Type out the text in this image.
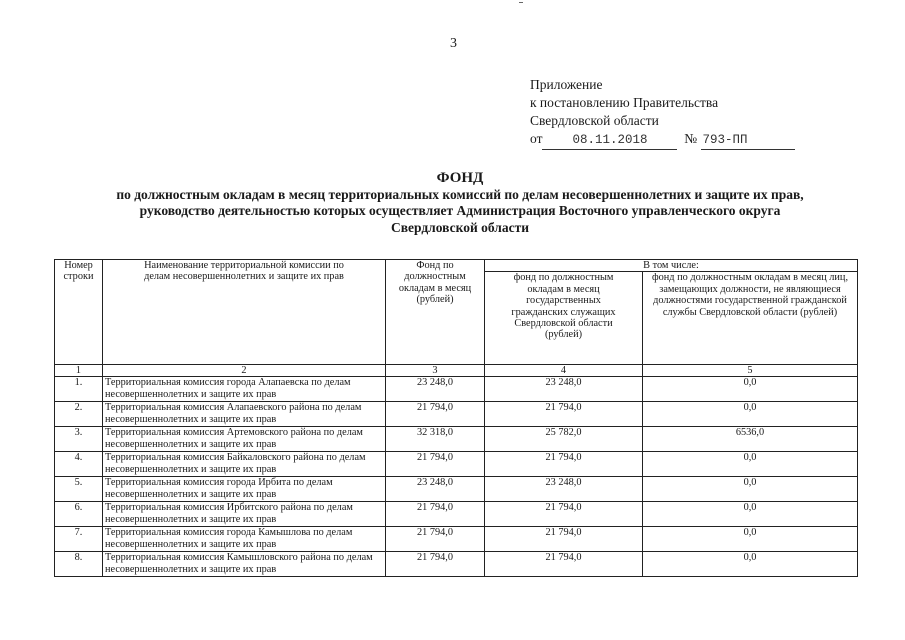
3
Приложение
к постановлению Правительства
Свердловской области
от 08.11.2018	№ 793-ПП
ФОНД
по должностным окладам в месяц территориальных комиссий по делам несовершеннолетних и защите их прав,
руководство деятельностью которых осуществляет Администрация Восточного управленческого округа
Свердловской области
Номер строки	Наименование территориальной комиссии по делам несовершеннолетних и защите их прав	Фонд по должностным окладам в месяц (рублей)	В том числе:	
			фонд по должностным окладам в месяц государственных гражданских служащих Свердловской области (рублей)	фонд по должностным окладам в месяц лиц, замещающих должности, не являющиеся должностями государственной гражданской службы Свердловской области (рублей)
1	2	3	4	5
1.	Территориальная комиссия города Алапаевска по делам несовершеннолетних и защите их прав	23 248,0	23 248,0	0,0
2.	Территориальная комиссия Алапаевского района по делам несовершеннолетних и защите их прав	21 794,0	21 794,0	0,0
3.	Территориальная комиссия Артемовского района по делам несовершеннолетних и защите их прав	32 318,0	25 782,0	6536,0
4.	Территориальная комиссия Байкаловского района по делам несовершеннолетних и защите их прав	21 794,0	21 794,0	0,0
5.	Территориальная комиссия города Ирбита по делам несовершеннолетних и защите их прав	23 248,0	23 248,0	0,0
6.	Территориальная комиссия Ирбитского района по делам несовершеннолетних и защите их прав	21 794,0	21 794,0	0,0
7.	Территориальная комиссия города Камышлова по делам несовершеннолетних и защите их прав	21 794,0	21 794,0	0,0
8.	Территориальная комиссия Камышловского района по делам несовершеннолетних и защите их прав	21 794,0	21 794,0	0,0
